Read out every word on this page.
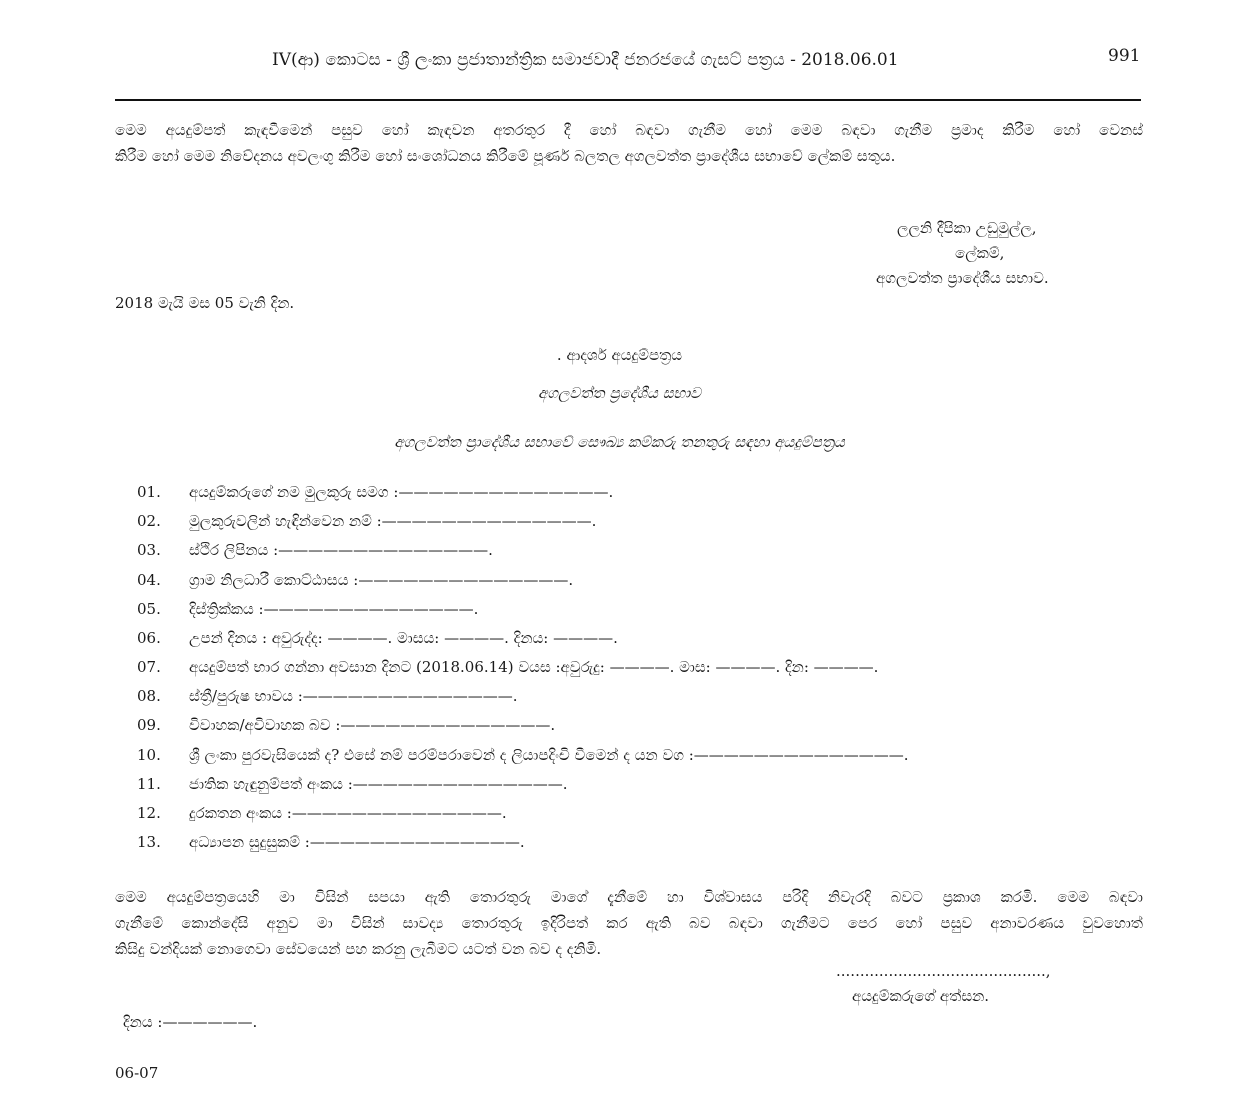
IV(ආ) කොටස - ශ්‍රී ලංකා ප්‍රජාතාන්ත්‍රික සමාජවාදී ජනරජයේ ගැසට් පත්‍රය - 2018.06.01	991
මෙම අයදුම්පත් කැඳවීමෙන් පසුව හෝ කැඳවන අතරතුර දී හෝ බඳවා ගැනීම හෝ මෙම බඳවා ගැනීම ප්‍රමාද කිරීම හෝ වෙනස්
කිරීම හෝ මෙම නිවේදනය අවලංගු කිරීම හෝ සංශෝධනය කිරීමේ පූර්ණ බලතල අගලවත්ත ප්‍රාදේශීය සභාවේ ලේකම් සතුය.
ලලනි දීපිකා උඩුමුල්ල,
ලේකම්,
අගලවත්ත ප්‍රාදේශීය සභාව.
2018 මැයි මස 05 වැනි දින.
. ආදර්ශ අයදුම්පත්‍රය
අගලවත්ත ප්‍රදේශීය සභාව
අගලවත්ත ප්‍රාදේශීය සභාවේ සෞඛ්‍ය කම්කරු තනතුරු සඳහා අයදුම්පත්‍රය
01. අයදුම්කරුගේ නම මුලකුරු සමග :——————————————.
02. මුලකුරුවලින් හැඳින්වෙන නම් :——————————————.
03. ස්ථිර ලිපිනය :——————————————.
04. ග්‍රාම නිලධාරී කොට්ඨාසය :——————————————.
05. දිස්ත්‍රික්කය :——————————————.
06. උපන් දිනය : අවුරුද්ද: ————. මාසය: ————. දිනය: ————.
07. අයදුම්පත් භාර ගන්නා අවසාන දිනට (2018.06.14) වයස :අවුරුදු: ————. මාස: ————. දින: ————.
08. ස්ත්‍රී/පුරුෂ භාවය :——————————————.
09. විවාහක/අවිවාහක බව :——————————————.
10. ශ්‍රී ලංකා පුරවැසියෙක් ද? එසේ නම් පරම්පරාවෙන් ද ලියාපදිංචි වීමෙන් ද යන වග :——————————————.
11. ජාතික හැඳුනුම්පත් අංකය :——————————————.
12. දුරකතන අංකය :——————————————.
13. අධ්‍යාපන සුදුසුකම් :——————————————.
මෙම අයදුම්පත්‍රයෙහි මා විසින් සපයා ඇති තොරතුරු මාගේ දැනීමේ හා විශ්වාසය පරිදි නිවැරදි බවට ප්‍රකාශ කරමි. මෙම බඳවා
ගැනීමේ කොන්දේසි අනුව මා විසින් සාවද්‍ය තොරතුරු ඉදිරිපත් කර ඇති බව බඳවා ගැනීමට පෙර හෝ පසුව අනාවරණය වුවහොත්
කිසිදු වන්දියක් නොගෙවා සේවයෙන් පහ කරනු ලැබීමට යටත් වන බව ද දනිමි.
............................................,
අයදුම්කරුගේ අත්සන.
දිනය :——————.
06-07
